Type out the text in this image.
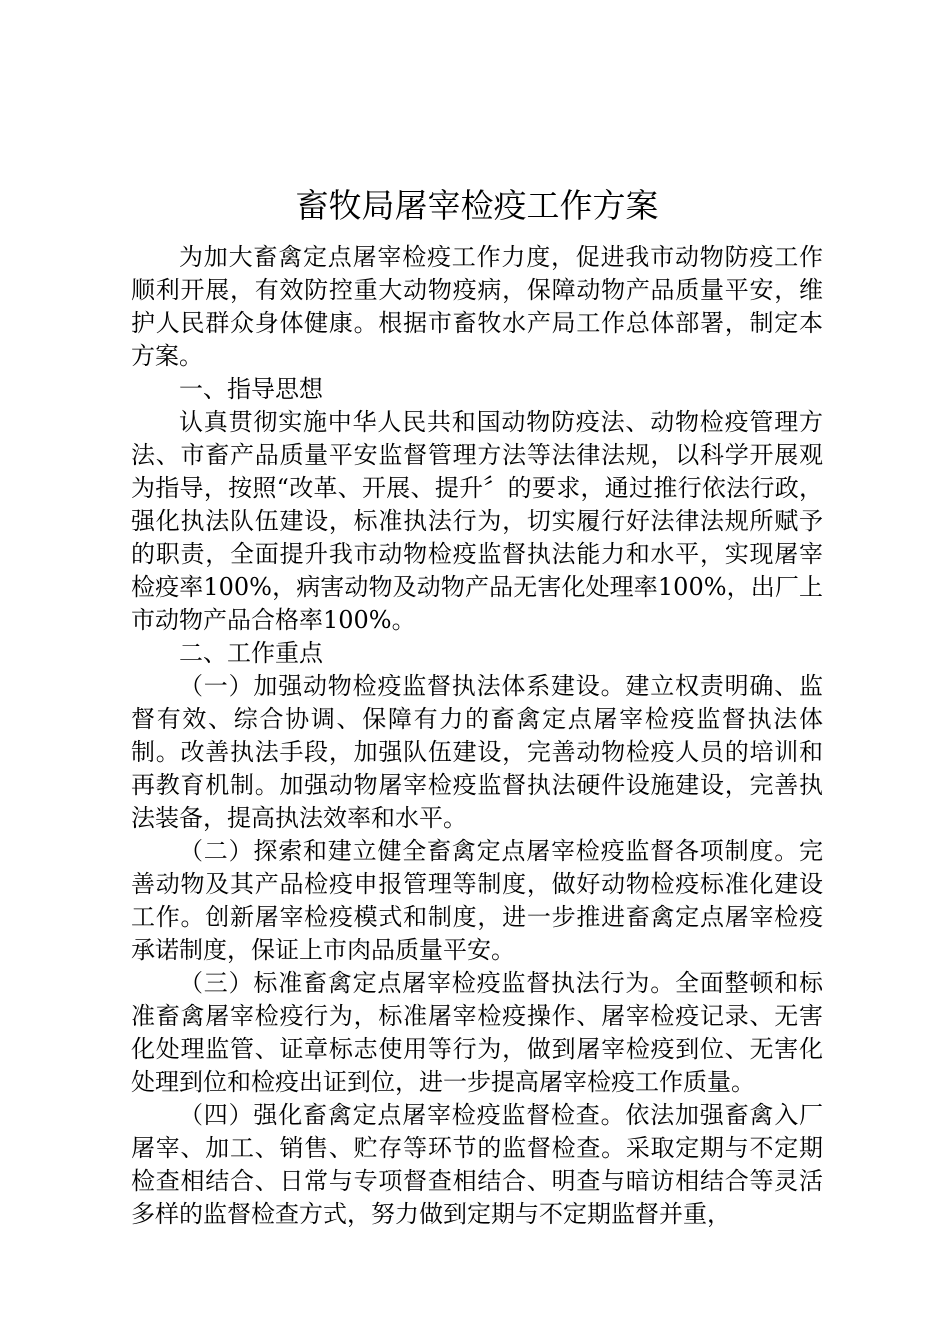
畜牧局屠宰检疫工作方案

为加大畜禽定点屠宰检疫工作力度，促进我市动物防疫工作顺利开展，有效防控重大动物疫病，保障动物产品质量平安，维护人民群众身体健康。根据市畜牧水产局工作总体部署，制定本方案。

一、指导思想

认真贯彻实施中华人民共和国动物防疫法、动物检疫管理方法、市畜产品质量平安监督管理方法等法律法规，以科学开展观为指导，按照“改革、开展、提升〞的要求，通过推行依法行政，强化执法队伍建设，标准执法行为，切实履行好法律法规所赋予的职责，全面提升我市动物检疫监督执法能力和水平，实现屠宰检疫率100%，病害动物及动物产品无害化处理率100%，出厂上市动物产品合格率100%。

二、工作重点

（一）加强动物检疫监督执法体系建设。建立权责明确、监督有效、综合协调、保障有力的畜禽定点屠宰检疫监督执法体制。改善执法手段，加强队伍建设，完善动物检疫人员的培训和再教育机制。加强动物屠宰检疫监督执法硬件设施建设，完善执法装备，提高执法效率和水平。

（二）探索和建立健全畜禽定点屠宰检疫监督各项制度。完善动物及其产品检疫申报管理等制度，做好动物检疫标准化建设工作。创新屠宰检疫模式和制度，进一步推进畜禽定点屠宰检疫承诺制度，保证上市肉品质量平安。

（三）标准畜禽定点屠宰检疫监督执法行为。全面整顿和标准畜禽屠宰检疫行为，标准屠宰检疫操作、屠宰检疫记录、无害化处理监管、证章标志使用等行为，做到屠宰检疫到位、无害化处理到位和检疫出证到位，进一步提高屠宰检疫工作质量。

（四）强化畜禽定点屠宰检疫监督检查。依法加强畜禽入厂屠宰、加工、销售、贮存等环节的监督检查。采取定期与不定期检查相结合、日常与专项督查相结合、明查与暗访相结合等灵活多样的监督检查方式，努力做到定期与不定期监督并重，
